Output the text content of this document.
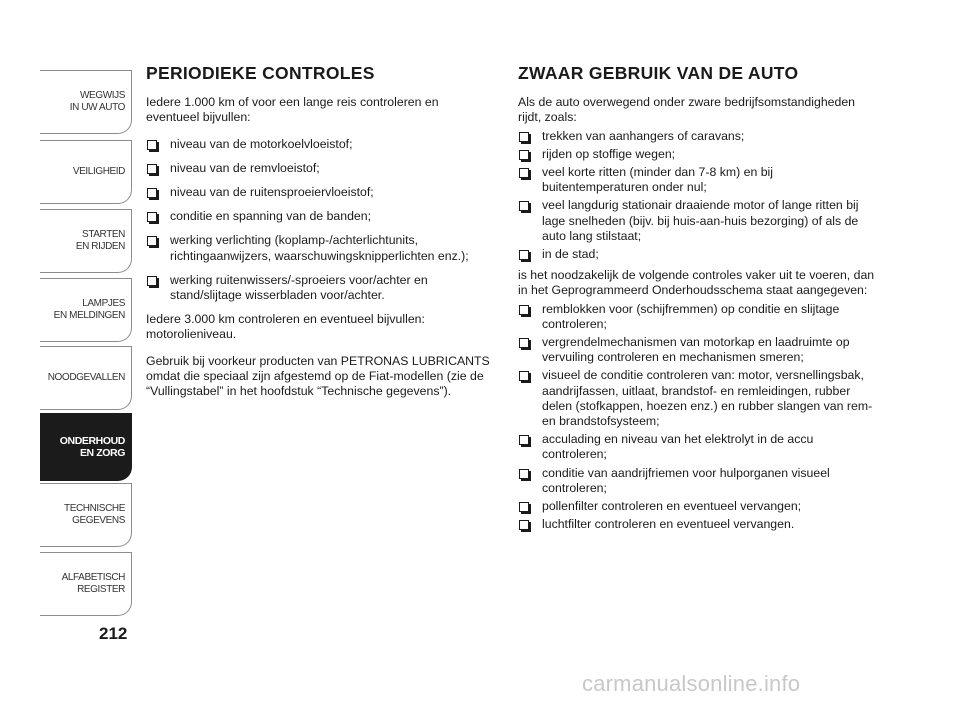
WEGWIJS
IN UW AUTO
VEILIGHEID
STARTEN
EN RIJDEN
LAMPJES
EN MELDINGEN
NOODGEVALLEN
ONDERHOUD
EN ZORG
TECHNISCHE
GEGEVENS
ALFABETISCH
REGISTER
212
PERIODIEKE CONTROLES

Iedere 1.000 km of voor een lange reis controleren en eventueel bijvullen:

niveau van de motorkoelvloeistof;
niveau van de remvloeistof;
niveau van de ruitensproeiervloeistof;
conditie en spanning van de banden;
werking verlichting (koplamp-/achterlichtunits, richtingaanwijzers, waarschuwingsknipperlichten enz.);
werking ruitenwissers/-sproeiers voor/achter en stand/slijtage wisserbladen voor/achter.

Iedere 3.000 km controleren en eventueel bijvullen: motorolieniveau.

Gebruik bij voorkeur producten van PETRONAS LUBRICANTS omdat die speciaal zijn afgestemd op de Fiat-modellen (zie de “Vullingstabel” in het hoofdstuk “Technische gegevens”).

ZWAAR GEBRUIK VAN DE AUTO

Als de auto overwegend onder zware bedrijfsomstandigheden rijdt, zoals:

trekken van aanhangers of caravans;
rijden op stoffige wegen;
veel korte ritten (minder dan 7-8 km) en bij buitentemperaturen onder nul;
veel langdurig stationair draaiende motor of lange ritten bij lage snelheden (bijv. bij huis-aan-huis bezorging) of als de auto lang stilstaat;
in de stad;

is het noodzakelijk de volgende controles vaker uit te voeren, dan in het Geprogrammeerd Onderhoudsschema staat aangegeven:

remblokken voor (schijfremmen) op conditie en slijtage controleren;
vergrendelmechanismen van motorkap en laadruimte op vervuiling controleren en mechanismen smeren;
visueel de conditie controleren van: motor, versnellingsbak, aandrijfassen, uitlaat, brandstof- en remleidingen, rubber delen (stofkappen, hoezen enz.) en rubber slangen van rem- en brandstofsysteem;
acculading en niveau van het elektrolyt in de accu controleren;
conditie van aandrijfriemen voor hulporganen visueel controleren;
pollenfilter controleren en eventueel vervangen;
luchtfilter controleren en eventueel vervangen.
carmanualsonline.info
